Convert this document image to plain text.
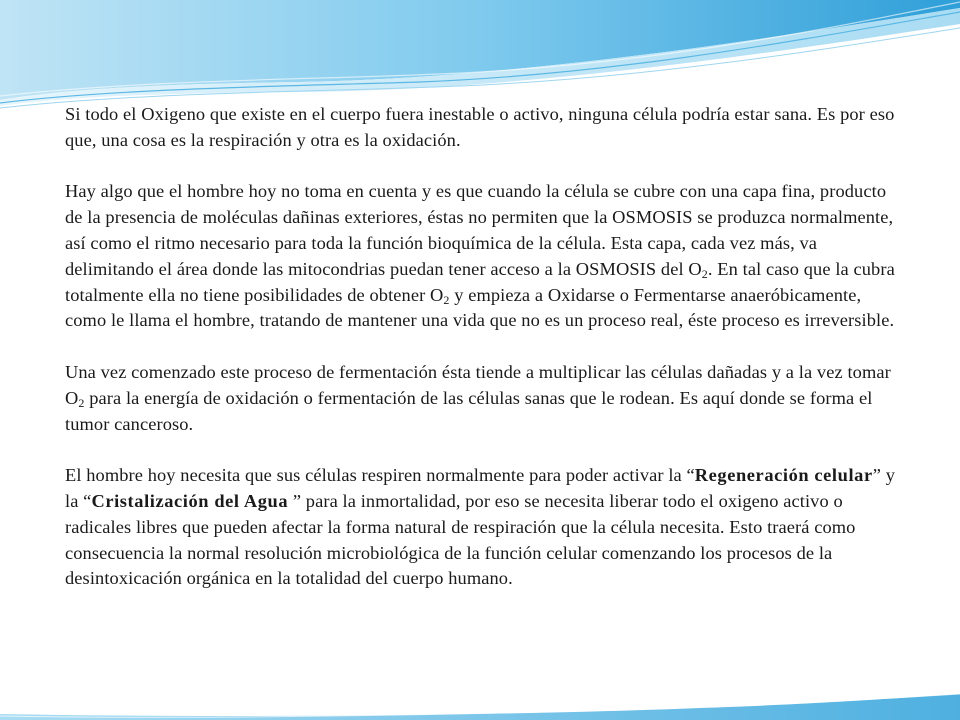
Si todo el Oxigeno que existe en el cuerpo fuera inestable o activo, ninguna célula podría estar sana. Es por eso que, una cosa es la respiración y otra es la oxidación.

Hay algo que el hombre hoy no toma en cuenta y es que cuando la célula se cubre con una capa fina, producto de la presencia de moléculas dañinas exteriores, éstas no permiten que la OSMOSIS se produzca normalmente, así como el ritmo necesario para toda la función bioquímica de la célula. Esta capa, cada vez más, va delimitando el área donde las mitocondrias puedan tener acceso a la OSMOSIS del $O_2$. En tal caso que la cubra totalmente ella no tiene posibilidades de obtener $O_2$ y empieza a Oxidarse o Fermentarse anaeróbicamente, como le llama el hombre, tratando de mantener una vida que no es un proceso real, éste proceso es irreversible.

Una vez comenzado este proceso de fermentación ésta tiende a multiplicar las células dañadas y a la vez tomar $O_2$ para la energía de oxidación o fermentación de las células sanas que le rodean. Es aquí donde se forma el tumor canceroso.

El hombre hoy necesita que sus células respiren normalmente para poder activar la “Regeneración celular” y la “Cristalización del Agua ” para la inmortalidad, por eso se necesita liberar todo el oxigeno activo o radicales libres que pueden afectar la forma natural de respiración que la célula necesita. Esto traerá como consecuencia la normal resolución microbiológica de la función celular comenzando los procesos de la desintoxicación orgánica en la totalidad del cuerpo humano.
